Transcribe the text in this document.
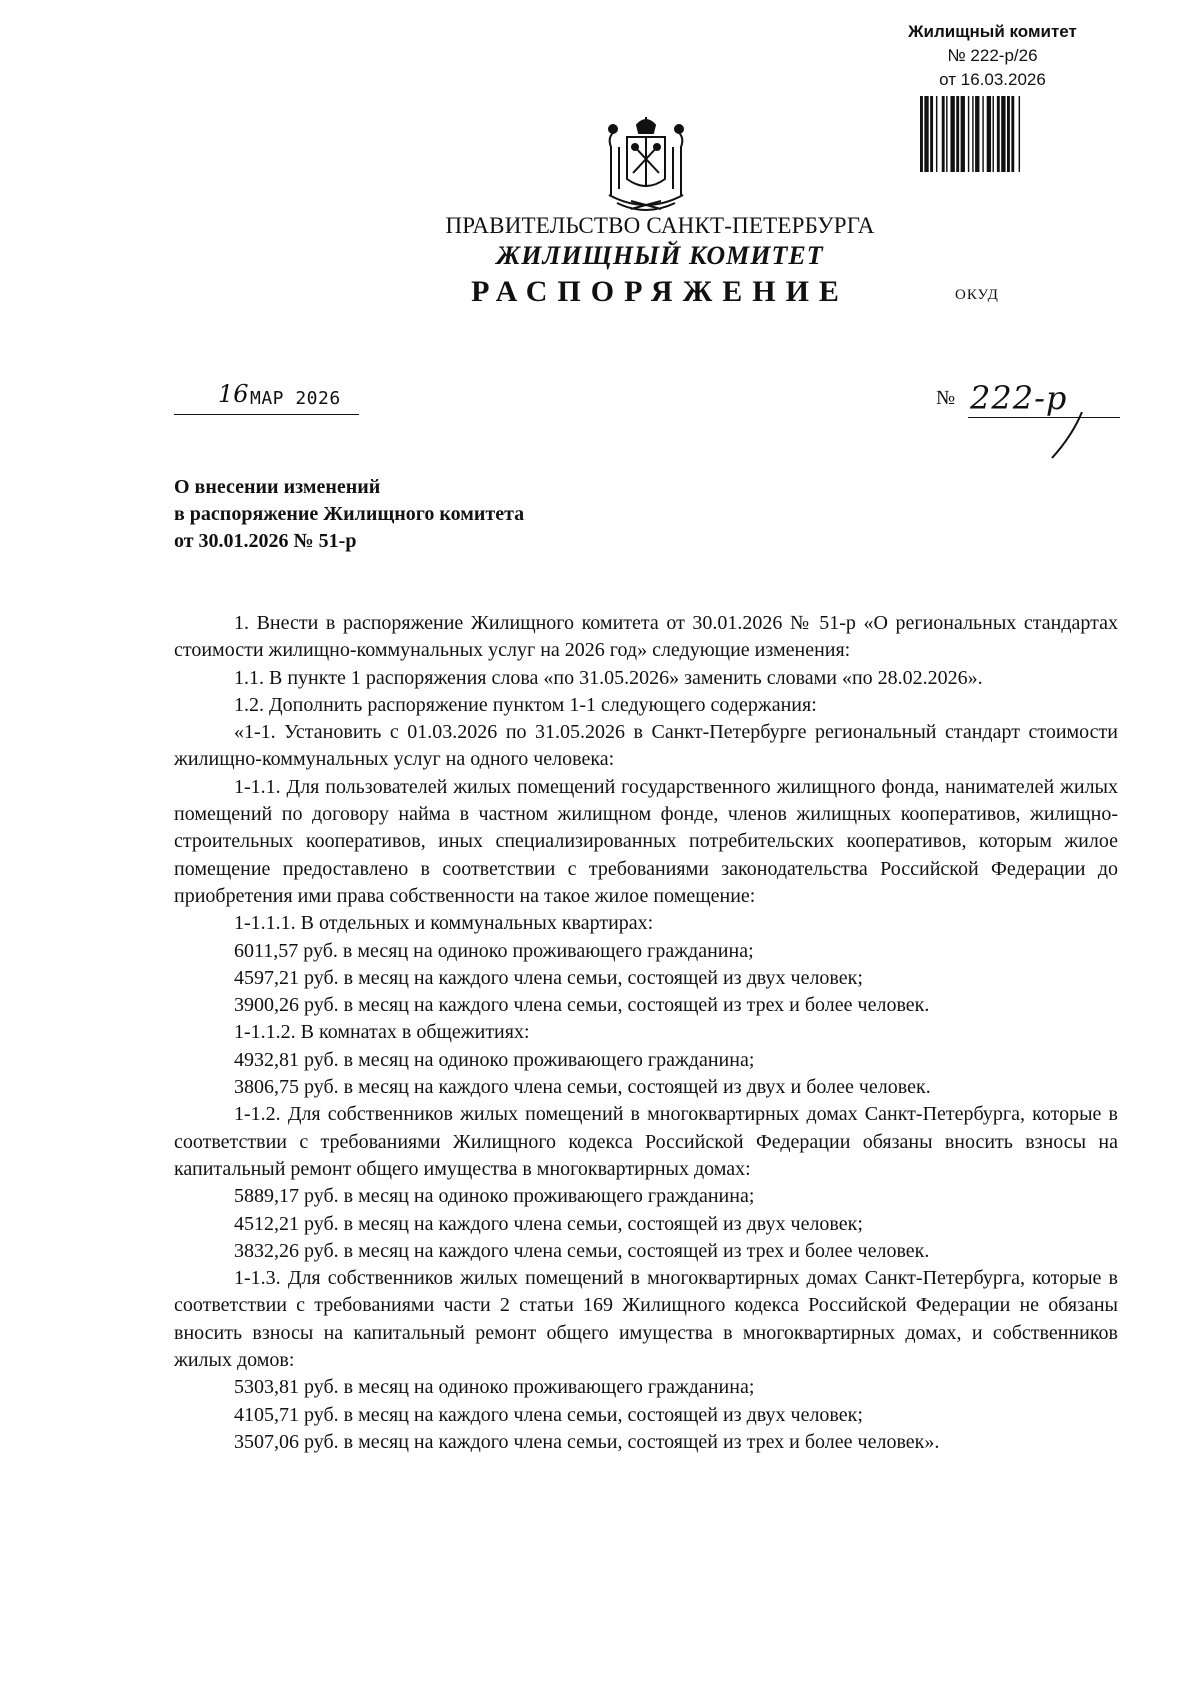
Жилищный комитет
№ 222-р/26
от 16.03.2026
ПРАВИТЕЛЬСТВО САНКТ-ПЕТЕРБУРГА
ЖИЛИЩНЫЙ КОМИТЕТ
РАСПОРЯЖЕНИЕ	ОКУД
16 МАР 2026	№ 222-р
О внесении изменений
в распоряжение Жилищного комитета
от 30.01.2026 № 51-р

1. Внести в распоряжение Жилищного комитета от 30.01.2026 № 51-р «О региональных стандартах стоимости жилищно-коммунальных услуг на 2026 год» следующие изменения:

1.1. В пункте 1 распоряжения слова «по 31.05.2026» заменить словами «по 28.02.2026».

1.2. Дополнить распоряжение пунктом 1-1 следующего содержания:

«1-1. Установить с 01.03.2026 по 31.05.2026 в Санкт-Петербурге региональный стандарт стоимости жилищно-коммунальных услуг на одного человека:

1-1.1. Для пользователей жилых помещений государственного жилищного фонда, нанимателей жилых помещений по договору найма в частном жилищном фонде, членов жилищных кооперативов, жилищно-строительных кооперативов, иных специализированных потребительских кооперативов, которым жилое помещение предоставлено в соответствии с требованиями законодательства Российской Федерации до приобретения ими права собственности на такое жилое помещение:

1-1.1.1. В отдельных и коммунальных квартирах:

6011,57 руб. в месяц на одиноко проживающего гражданина;

4597,21 руб. в месяц на каждого члена семьи, состоящей из двух человек;

3900,26 руб. в месяц на каждого члена семьи, состоящей из трех и более человек.

1-1.1.2. В комнатах в общежитиях:

4932,81 руб. в месяц на одиноко проживающего гражданина;

3806,75 руб. в месяц на каждого члена семьи, состоящей из двух и более человек.

1-1.2. Для собственников жилых помещений в многоквартирных домах Санкт-Петербурга, которые в соответствии с требованиями Жилищного кодекса Российской Федерации обязаны вносить взносы на капитальный ремонт общего имущества в многоквартирных домах:

5889,17 руб. в месяц на одиноко проживающего гражданина;

4512,21 руб. в месяц на каждого члена семьи, состоящей из двух человек;

3832,26 руб. в месяц на каждого члена семьи, состоящей из трех и более человек.

1-1.3. Для собственников жилых помещений в многоквартирных домах Санкт-Петербурга, которые в соответствии с требованиями части 2 статьи 169 Жилищного кодекса Российской Федерации не обязаны вносить взносы на капитальный ремонт общего имущества в многоквартирных домах, и собственников жилых домов:

5303,81 руб. в месяц на одиноко проживающего гражданина;

4105,71 руб. в месяц на каждого члена семьи, состоящей из двух человек;

3507,06 руб. в месяц на каждого члена семьи, состоящей из трех и более человек».
